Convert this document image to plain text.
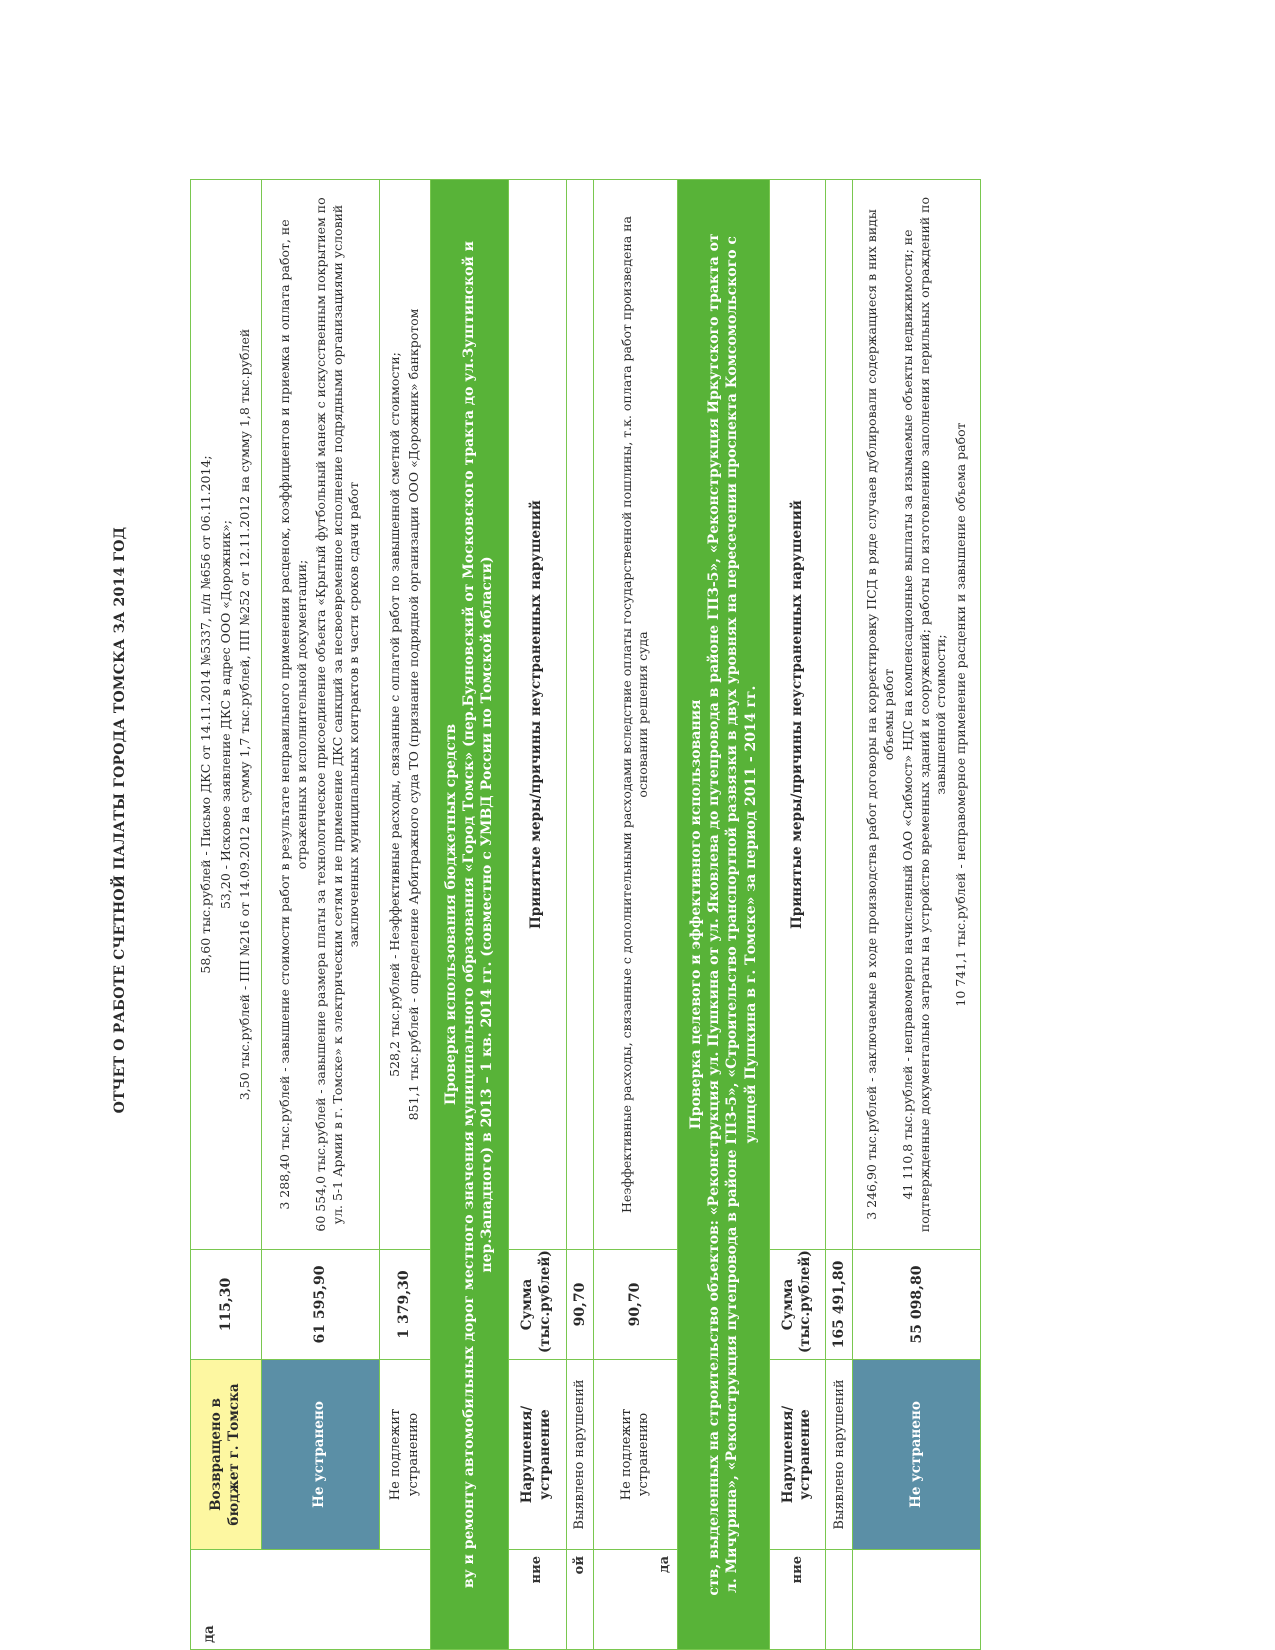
ОТЧЕТ О РАБОТЕ СЧЕТНОЙ ПАЛАТЫ ГОРОДА ТОМСКА ЗА 2014 ГОД
да	Возвращено в бюджет г. Томска	115,30	58,60 тыс.рублей - Письмо ДКС от 14.11.2014 №5337, п/п №656 от 06.11.2014; 53,20 - Исковое заявление ДКС в адрес ООО «Дорожник»; 3,50 тыс.рублей - ПП №216 от 14.09.2012 на сумму 1,7 тыс.рублей, ПП №252 от 12.11.2012 на сумму 1,8 тыс.рублей

	Не устранено	61 595,90	3 288,40 тыс.рублей - завышение стоимости работ в результате неправильного применения расценок, коэффициентов и приемка и оплата работ, не отраженных в исполнительной документации; 60 554,0 тыс.рублей - завышение размера платы за технологическое присоединение объекта «Крытый футбольный манеж с искусственным покрытием по ул. 5-1 Армии в г. Томске» к электрическим сетям и не применение ДКС санкций за несвоевременное исполнение подрядными организациями условий заключенных муниципальных контрактов в части сроков сдачи работ

	Не подлежит устранению	1 379,30	528,2 тыс.рублей - Неэффективные расходы, связанные с оплатой работ по завышенной сметной стоимости; 851,1 тыс.рублей - определение Арбитражного суда ТО (признание подрядной организации ООО «Дорожник» банкротом

Проверка использования бюджетных средств ву и ремонту автомобильных дорог местного значения муниципального образования «Город Томск» (пер.Буяновский от Московского тракта до ул.Зуштинской и пер.Западного) в 2013 – 1 кв. 2014 гг. (совместно с УМВД России по Томской области)			

ние	Нарушения/устранение	Сумма (тыс.рублей)	Принятые меры/причины неустраненных нарушений
ой	Выявлено нарушений	90,70	
да	Не подлежит устранению	90,70	Неэффективные расходы, связанные с дополнительными расходами вследствие оплаты государственной пошлины, т.к. оплата работ произведена на основании решения суда

Проверка целевого и эффективного использования ств, выделенных на строительство объектов: «Реконструкция ул. Пушкина от ул. Яковлева до путепровода в районе ГПЗ-5», «Реконструкция Иркутского тракта от л. Мичурина», «Реконструкция путепровода в районе ГПЗ-5», «Строительство транспортной развязки в двух уровнях на пересечении проспекта Комсомольского с улицей Пушкина в г. Томске» за период 2011 - 2014 гг.			

ние	Нарушения/устранение	Сумма (тыс.рублей)	Принятые меры/причины неустраненных нарушений
	Выявлено нарушений	165 491,80	
	Не устранено	55 098,80	3 246,90 тыс.рублей - заключаемые в ходе производства работ договоры на корректировку ПСД в ряде случаев дублировали содержащиеся в них виды объемы работ 41 110,8 тыс.рублей - неправомерно начисленный ОАО «Сибмост» НДС на компенсационные выплаты за изымаемые объекты недвижимости; не подтвержденные документально затраты на устройство временных зданий и сооружений; работы по изготовлению заполнения перильных ограждений по завышенной стоимости; 10 741,1 тыс.рублей - неправомерное применение расценки и завышение объема работ
